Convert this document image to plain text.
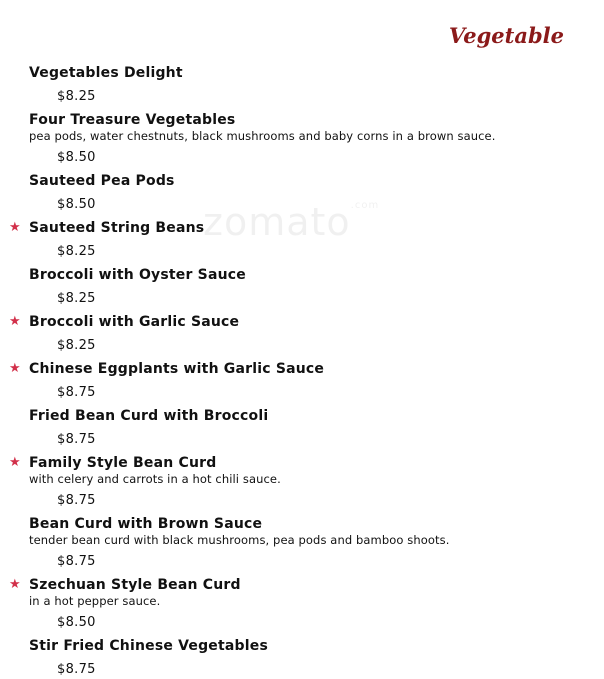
Vegetable
zomato$^{.com}$
Vegetables Delight
$8.25
Four Treasure Vegetables
pea pods, water chestnuts, black mushrooms and baby corns in a brown sauce.
$8.50
Sauteed Pea Pods
$8.50
★ Sauteed String Beans
$8.25
Broccoli with Oyster Sauce
$8.25
★ Broccoli with Garlic Sauce
$8.25
★ Chinese Eggplants with Garlic Sauce
$8.75
Fried Bean Curd with Broccoli
$8.75
★ Family Style Bean Curd
with celery and carrots in a hot chili sauce.
$8.75
Bean Curd with Brown Sauce
tender bean curd with black mushrooms, pea pods and bamboo shoots.
$8.75
★ Szechuan Style Bean Curd
in a hot pepper sauce.
$8.50
Stir Fried Chinese Vegetables
$8.75
